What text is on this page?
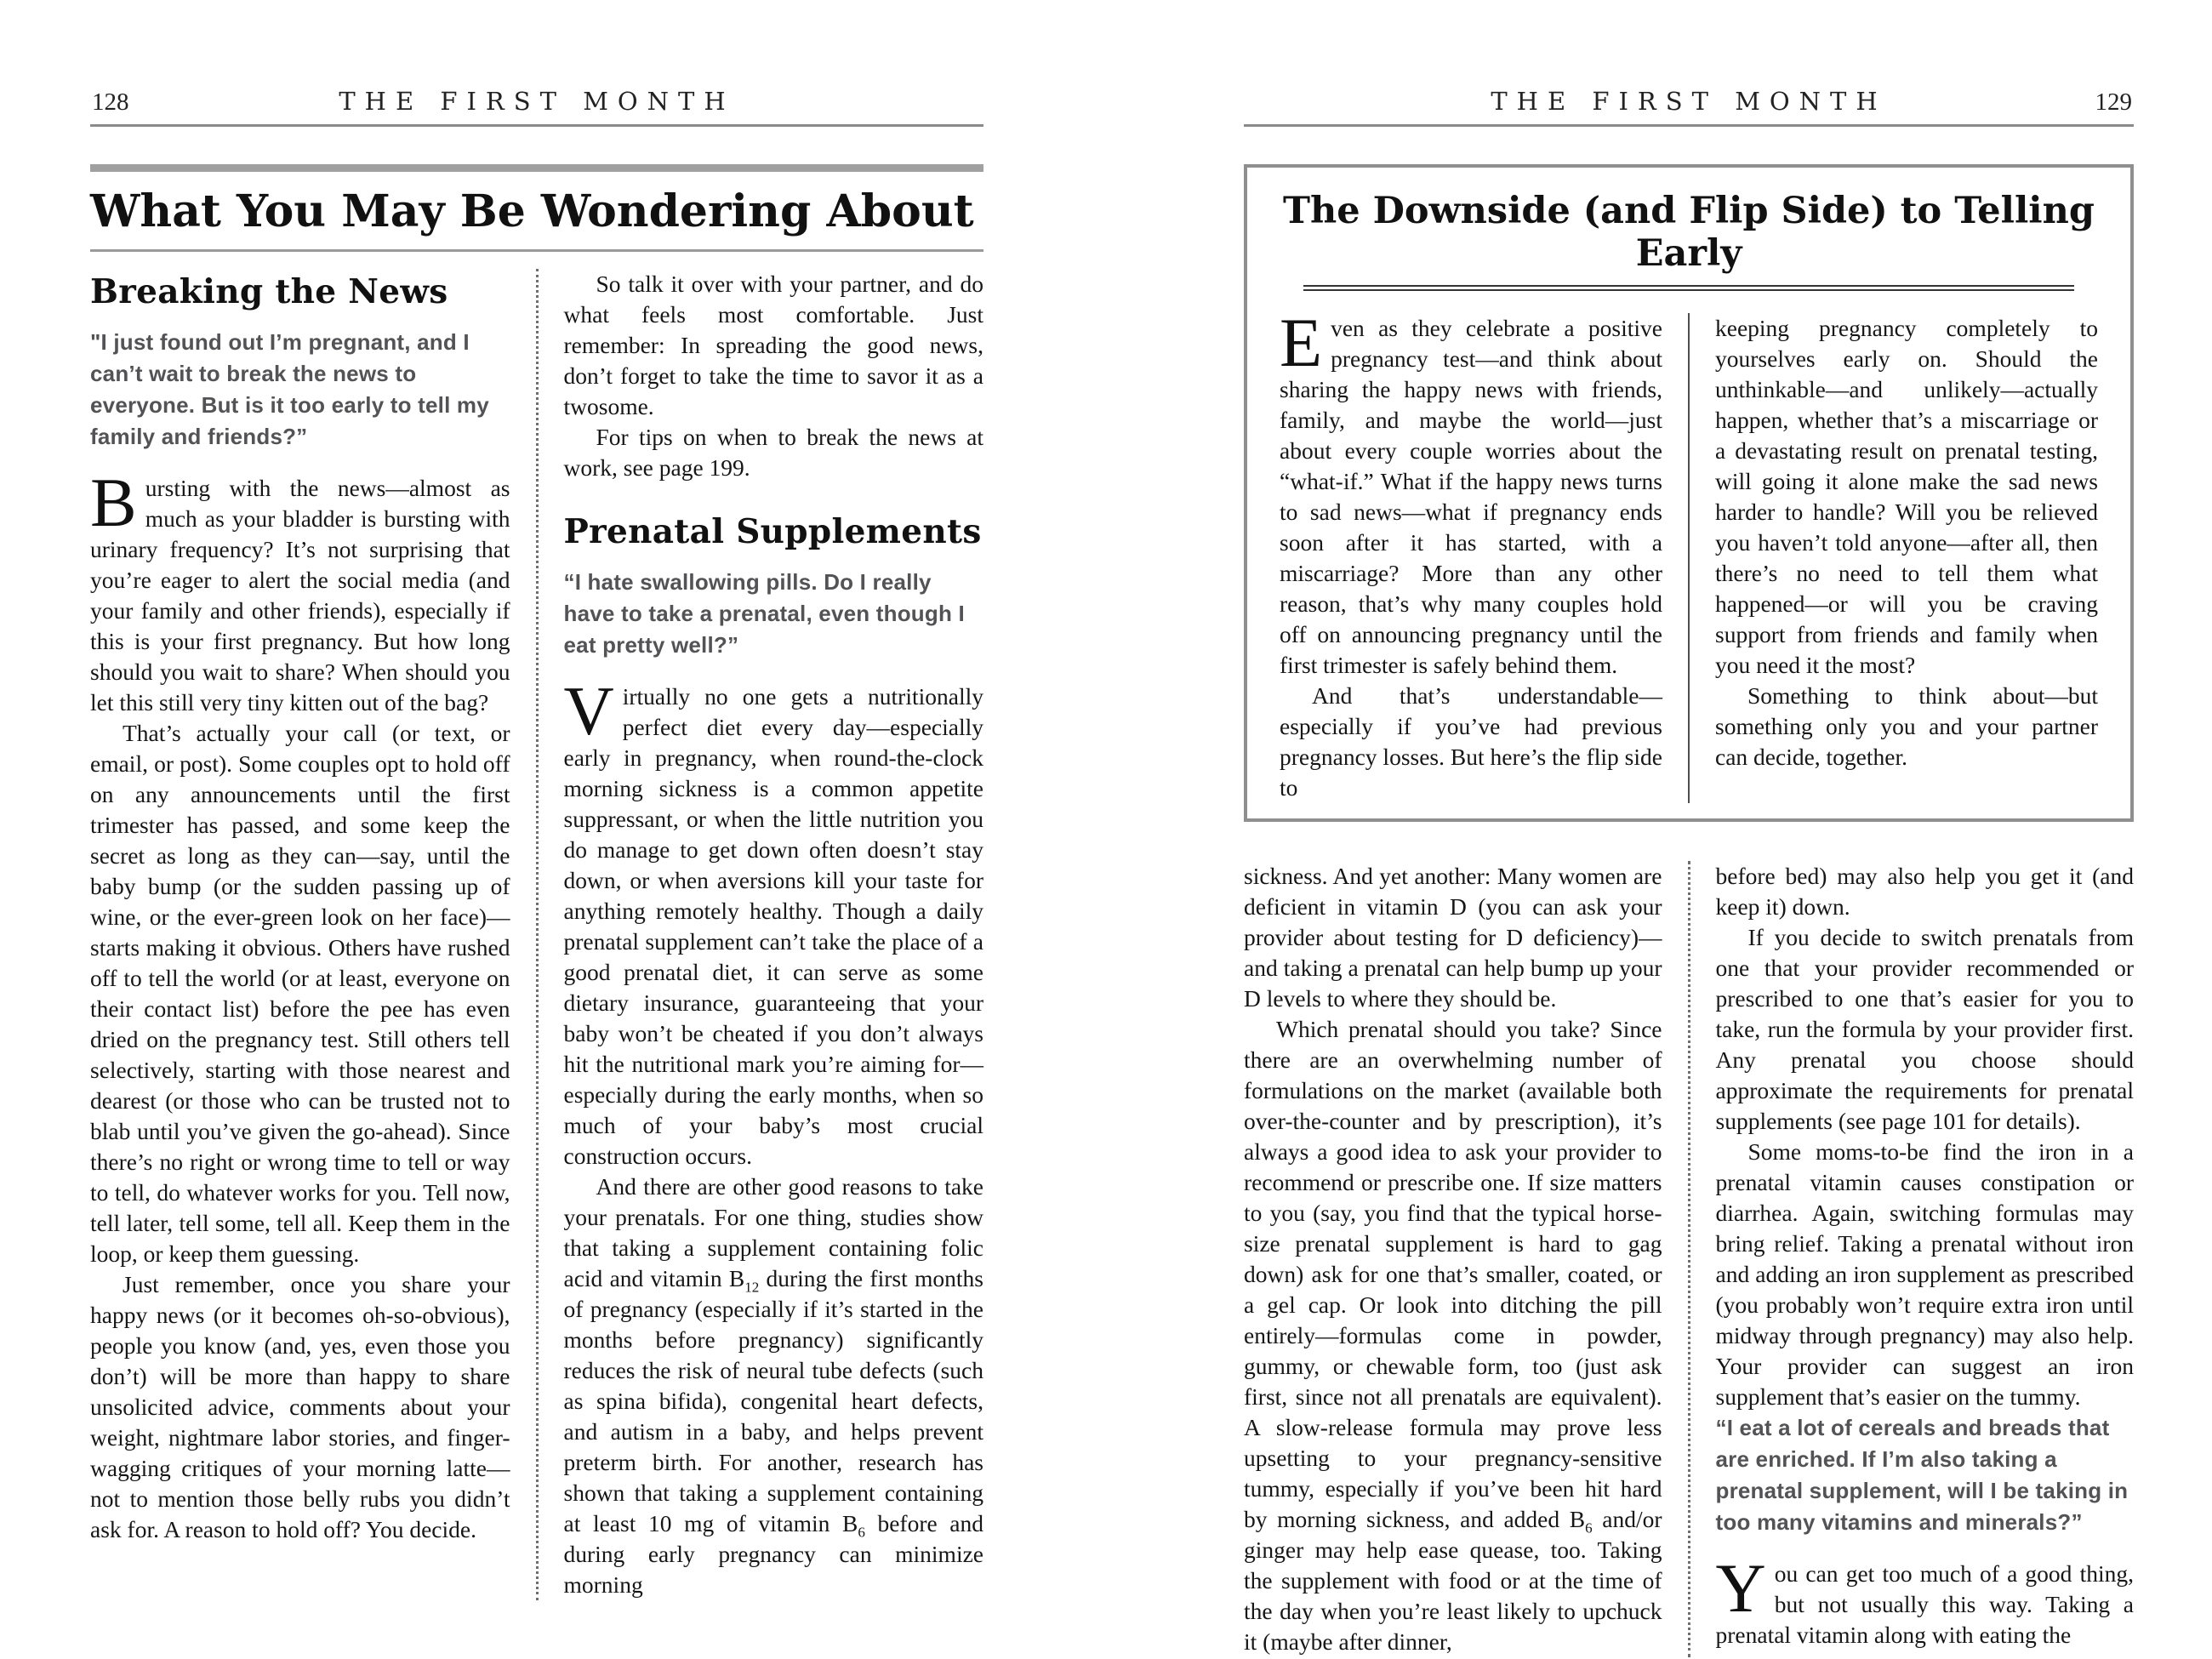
128	THE FIRST MONTH
What You May Be Wondering About
Breaking the News
"I just found out I’m pregnant, and I can’t wait to break the news to everyone. But is it too early to tell my family and friends?”
Bursting with the news—almost as much as your bladder is bursting with urinary frequency? It’s not surprising that you’re eager to alert the social media (and your family and other friends), especially if this is your first pregnancy. But how long should you wait to share? When should you let this still very tiny kitten out of the bag?
That’s actually your call (or text, or email, or post). Some couples opt to hold off on any announcements until the first trimester has passed, and some keep the secret as long as they can—say, until the baby bump (or the sudden passing up of wine, or the ever-green look on her face)—starts making it obvious. Others have rushed off to tell the world (or at least, everyone on their contact list) before the pee has even dried on the pregnancy test. Still others tell selectively, starting with those nearest and dearest (or those who can be trusted not to blab until you’ve given the go-ahead). Since there’s no right or wrong time to tell or way to tell, do whatever works for you. Tell now, tell later, tell some, tell all. Keep them in the loop, or keep them guessing.
Just remember, once you share your happy news (or it becomes oh-so-obvious), people you know (and, yes, even those you don’t) will be more than happy to share unsolicited advice, comments about your weight, nightmare labor stories, and finger-wagging critiques of your morning latte—not to mention those belly rubs you didn’t ask for. A reason to hold off? You decide.
So talk it over with your partner, and do what feels most comfortable. Just remember: In spreading the good news, don’t forget to take the time to savor it as a twosome.
For tips on when to break the news at work, see page 199.
Prenatal Supplements
“I hate swallowing pills. Do I really have to take a prenatal, even though I eat pretty well?”
Virtually no one gets a nutritionally perfect diet every day—especially early in pregnancy, when round-the-clock morning sickness is a common appetite suppressant, or when the little nutrition you do manage to get down often doesn’t stay down, or when aversions kill your taste for anything remotely healthy. Though a daily prenatal supplement can’t take the place of a good prenatal diet, it can serve as some dietary insurance, guaranteeing that your baby won’t be cheated if you don’t always hit the nutritional mark you’re aiming for—especially during the early months, when so much of your baby’s most crucial construction occurs.
And there are other good reasons to take your prenatals. For one thing, studies show that taking a supplement containing folic acid and vitamin $B_{12}$ during the first months of pregnancy (especially if it’s started in the months before pregnancy) significantly reduces the risk of neural tube defects (such as spina bifida), congenital heart defects, and autism in a baby, and helps prevent preterm birth. For another, research has shown that taking a supplement containing at least 10 mg of vitamin $B_6$ before and during early pregnancy can minimize morning
THE FIRST MONTH	129
The Downside (and Flip Side) to Telling Early
Even as they celebrate a positive pregnancy test—and think about sharing the happy news with friends, family, and maybe the world—just about every couple worries about the “what-if.” What if the happy news turns to sad news—what if pregnancy ends soon after it has started, with a miscarriage? More than any other reason, that’s why many couples hold off on announcing pregnancy until the first trimester is safely behind them.
And that’s understandable—especially if you’ve had previous pregnancy losses. But here’s the flip side to
keeping pregnancy completely to yourselves early on. Should the unthinkable—and unlikely—actually happen, whether that’s a miscarriage or a devastating result on prenatal testing, will going it alone make the sad news harder to handle? Will you be relieved you haven’t told anyone—after all, then there’s no need to tell them what happened—or will you be craving support from friends and family when you need it the most?
Something to think about—but something only you and your partner can decide, together.
sickness. And yet another: Many women are deficient in vitamin D (you can ask your provider about testing for D deficiency)—and taking a prenatal can help bump up your D levels to where they should be.
Which prenatal should you take? Since there are an overwhelming number of formulations on the market (available both over-the-counter and by prescription), it’s always a good idea to ask your provider to recommend or prescribe one. If size matters to you (say, you find that the typical horse-size prenatal supplement is hard to gag down) ask for one that’s smaller, coated, or a gel cap. Or look into ditching the pill entirely—formulas come in powder, gummy, or chewable form, too (just ask first, since not all prenatals are equivalent). A slow-release formula may prove less upsetting to your pregnancy-sensitive tummy, especially if you’ve been hit hard by morning sickness, and added $B_6$ and/or ginger may help ease quease, too. Taking the supplement with food or at the time of the day when you’re least likely to upchuck it (maybe after dinner,
before bed) may also help you get it (and keep it) down.
If you decide to switch prenatals from one that your provider recommended or prescribed to one that’s easier for you to take, run the formula by your provider first. Any prenatal you choose should approximate the requirements for prenatal supplements (see page 101 for details).
Some moms-to-be find the iron in a prenatal vitamin causes constipation or diarrhea. Again, switching formulas may bring relief. Taking a prenatal without iron and adding an iron supplement as prescribed (you probably won’t require extra iron until midway through pregnancy) may also help. Your provider can suggest an iron supplement that’s easier on the tummy.
“I eat a lot of cereals and breads that are enriched. If I’m also taking a prenatal supplement, will I be taking in too many vitamins and minerals?”
You can get too much of a good thing, but not usually this way. Taking a prenatal vitamin along with eating the
